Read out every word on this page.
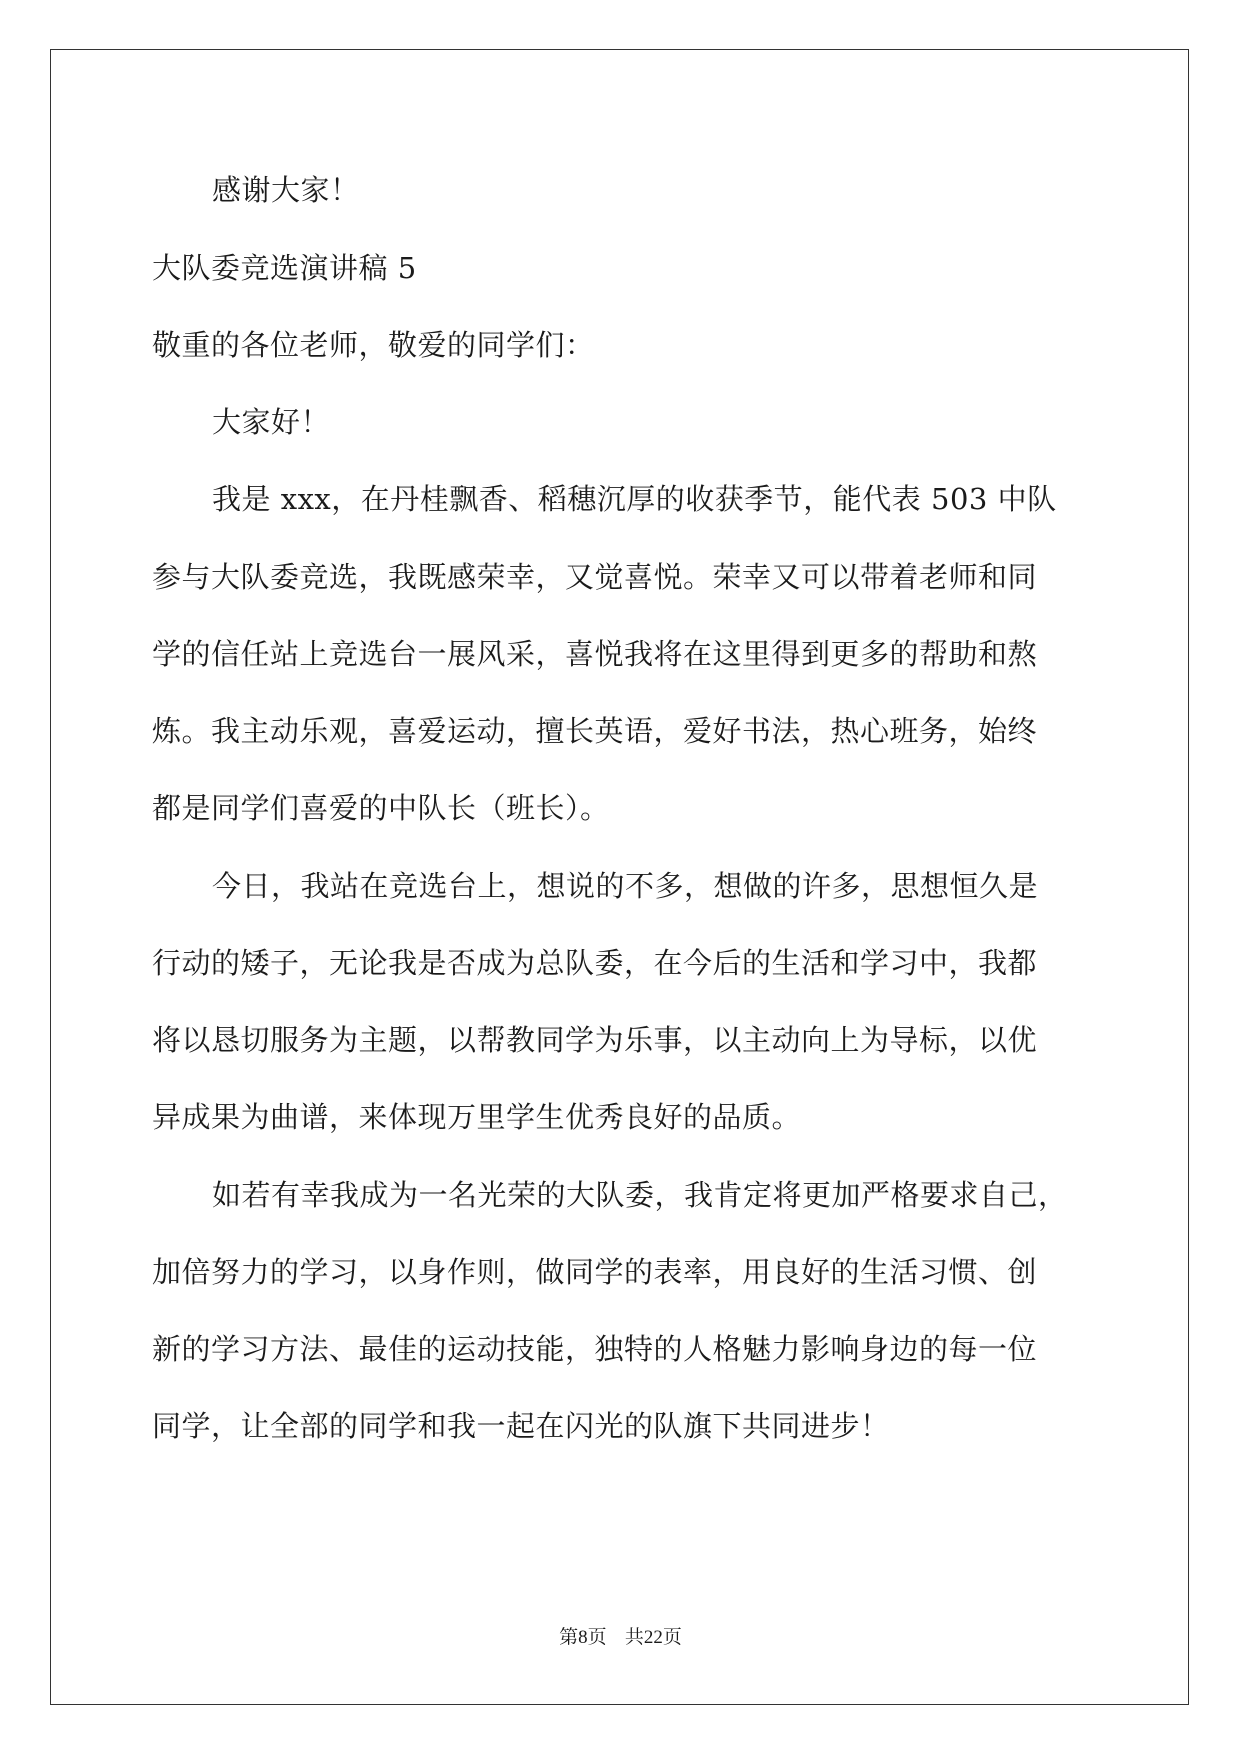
感谢大家！
大队委竞选演讲稿 5
敬重的各位老师，敬爱的同学们：
大家好！
我是 xxx，在丹桂飘香、稻穗沉厚的收获季节，能代表 503 中队
参与大队委竞选，我既感荣幸，又觉喜悦。荣幸又可以带着老师和同
学的信任站上竞选台一展风采，喜悦我将在这里得到更多的帮助和熬
炼。我主动乐观，喜爱运动，擅长英语，爱好书法，热心班务，始终
都是同学们喜爱的中队长（班长）。
今日，我站在竞选台上，想说的不多，想做的许多，思想恒久是
行动的矮子，无论我是否成为总队委，在今后的生活和学习中，我都
将以恳切服务为主题，以帮教同学为乐事，以主动向上为导标，以优
异成果为曲谱，来体现万里学生优秀良好的品质。
如若有幸我成为一名光荣的大队委，我肯定将更加严格要求自己，
加倍努力的学习，以身作则，做同学的表率，用良好的生活习惯、创
新的学习方法、最佳的运动技能，独特的人格魅力影响身边的每一位
同学，让全部的同学和我一起在闪光的队旗下共同进步！
第8页 共22页
